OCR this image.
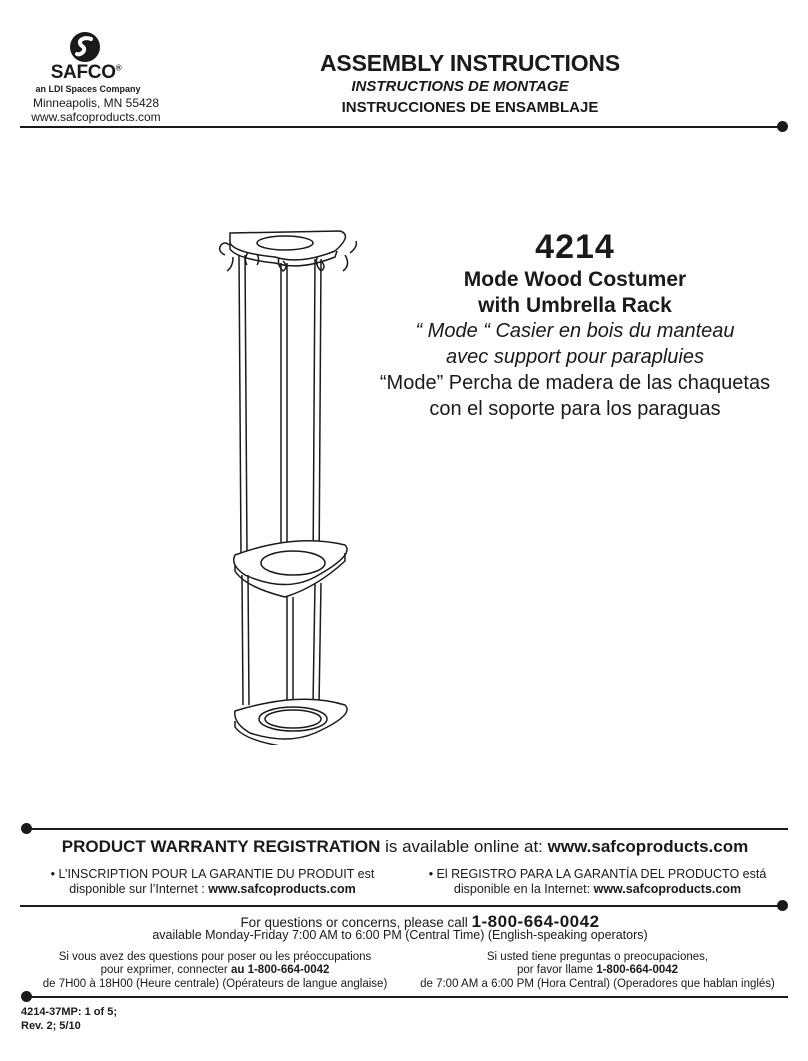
SAFCO®
an LDI Spaces Company
Minneapolis, MN 55428
www.safcoproducts.com
ASSEMBLY INSTRUCTIONS
INSTRUCTIONS DE MONTAGE
INSTRUCCIONES DE ENSAMBLAJE
4214
Mode Wood Costumer
with Umbrella Rack
“ Mode “ Casier en bois du manteau
avec support pour parapluies
“Mode” Percha de madera de las chaquetas
con el soporte para los paraguas
PRODUCT WARRANTY REGISTRATION is available online at: www.safcoproducts.com
• L’INSCRIPTION POUR LA GARANTIE DU PRODUIT est
disponible sur l’Internet : www.safcoproducts.com
• El REGISTRO PARA LA GARANTÍA DEL PRODUCTO está
disponible en la Internet: www.safcoproducts.com
For questions or concerns, please call 1-800-664-0042
available Monday-Friday 7:00 AM to 6:00 PM (Central Time) (English-speaking operators)
Si vous avez des questions pour poser ou les préoccupations
pour exprimer, connecter au 1-800-664-0042
de 7H00 à 18H00 (Heure centrale) (Opérateurs de langue anglaise)
Si usted tiene preguntas o preocupaciones,
por favor llame 1-800-664-0042
de 7:00 AM a 6:00 PM (Hora Central) (Operadores que hablan inglés)
4214-37MP: 1 of 5;
Rev. 2; 5/10
